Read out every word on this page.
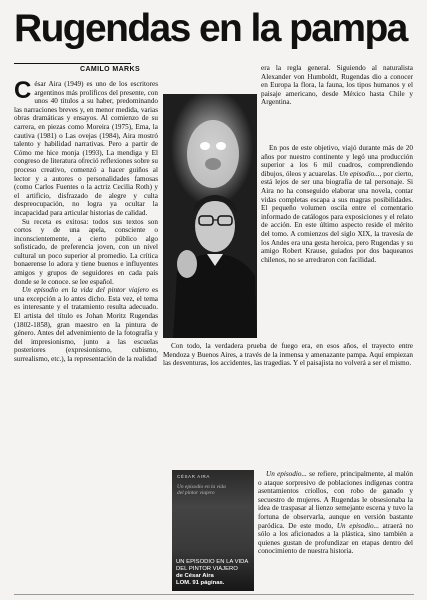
Rugendas en la pampa
CAMILO MARKS

César Aira (1949) es uno de los escritores argentinos más prolíficos del presente, con unos 40 títulos a su haber, predominando las narraciones breves y, en menor medida, varias obras dramáticas y ensayos. Al comienzo de su carrera, en piezas como Moreira (1975), Ema, la cautiva (1981) o Las ovejas (1984), Aira mostró talento y habilidad narrativas. Pero a partir de Cómo me hice monja (1993), La mendiga y El congreso de literatura ofreció reflexiones sobre su proceso creativo, comenzó a hacer guiños al lector y a autores o personalidades famosas (como Carlos Fuentes o la actriz Cecilia Roth) y el artificio, disfrazado de alegre y culta despreocupación, no logra ya ocultar la incapacidad para articular historias de calidad.

Su receta es exitosa: todos sus textos son cortos y de una apela, consciente o inconscientemente, a cierto público algo sofisticado, de preferencia joven, con un nivel cultural un poco superior al promedio. La crítica bonaerense lo adora y tiene buenos e influyentes amigos y grupos de seguidores en cada país donde se le conoce. se lee español.

Un episodio en la vida del pintor viajero es una excepción a lo antes dicho. Esta vez, el tema es interesante y el tratamiento resulta adecuado. El artista del título es Johan Moritz Rugendas (1802-1858), gran maestro en la pintura de género. Antes del advenimiento de la fotografía y del impresionismo, junto a las escuelas posteriores (expresionismo, cubismo, surrealismo, etc.), la representación de la realidad

era la regla general. Siguiendo al naturalista Alexander von Humboldt, Rugendas dio a conocer en Europa la flora, la fauna, los tipos humanos y el paisaje americano, desde México hasta Chile y Argentina.

En pos de este objetivo, viajó durante más de 20 años por nuestro continente y legó una producción superior a los 6 mil cuadros, comprendiendo dibujos, óleos y acuarelas. Un episodio..., por cierto, está lejos de ser una biografía de tal personaje. Si Aira no ha conseguido elaborar una novela, contar vidas completas escapa a sus magras posibilidades. El pequeño volumen oscila entre el comentario informado de catálogos para exposiciones y el relato de acción. En este último aspecto reside el mérito del tomo. A comienzos del siglo XIX, la travesía de los Andes era una gesta heroica, pero Rugendas y su amigo Robert Krause, guiados por dos baqueanos chilenos, no se arredraron con facilidad.

Con todo, la verdadera prueba de fuego era, en esos años, el trayecto entre Mendoza y Buenos Aires, a través de la inmensa y amenazante pampa. Aquí empiezan las desventuras, los accidentes, las tragedias. Y el paisajista no volverá a ser el mismo.

Un episodio... se refiere, principalmente, al malón o ataque sorpresivo de poblaciones indígenas contra asentamientos criollos, con robo de ganado y secuestro de mujeres. A Rugendas le obsesionaba la idea de traspasar al lienzo semejante escena y tuvo la fortuna de observarla, aunque en versión bastante paródica. De este modo, Un episodio... atraerá no sólo a los aficionados a la plástica, sino también a quienes gustan de profundizar en etapas dentro del conocimiento de nuestra historia.

CÉSAR AIRA
Un episodio en la vida del pintor viajero
UN EPISODIO EN LA VIDA DEL PINTOR VIAJERO
de César Aira
LOM. 91 páginas.
